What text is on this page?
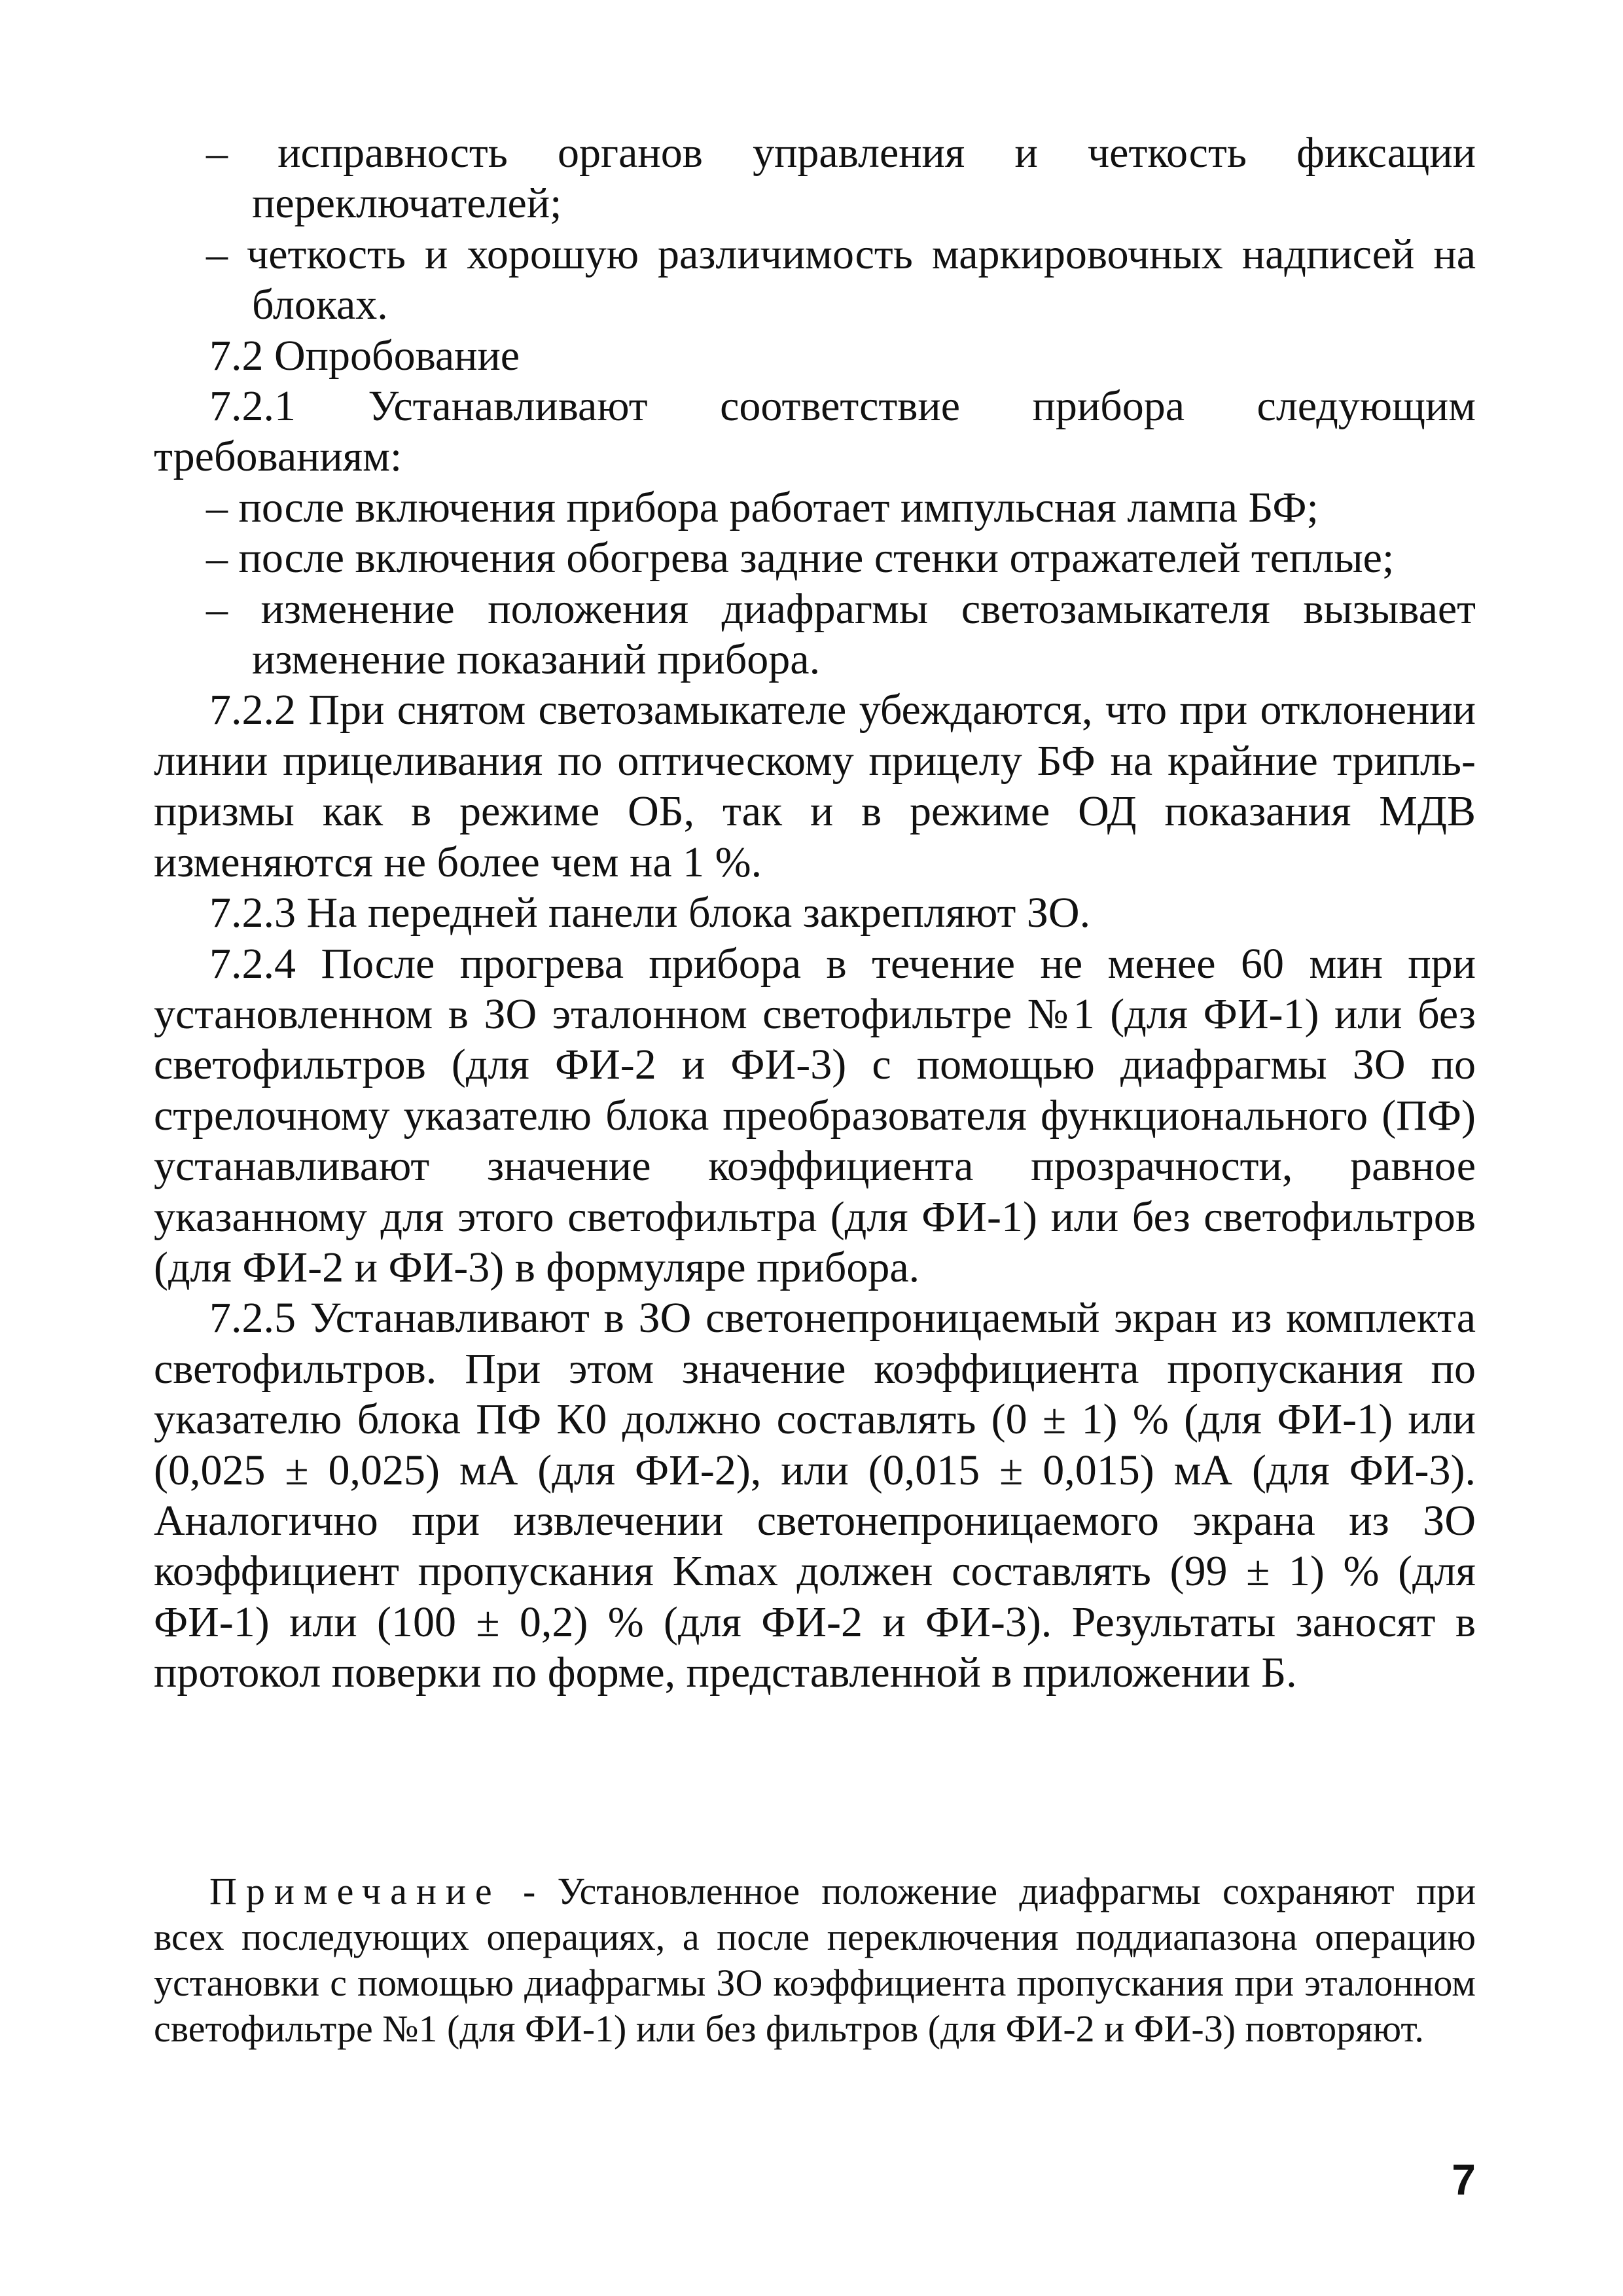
– исправность органов управления и четкость фиксации переключателей;

– четкость и хорошую различимость маркировочных надписей на блоках.

7.2 Опробование

7.2.1 Устанавливают соответствие прибора следующим требованиям:

– после включения прибора работает импульсная лампа БФ;

– после включения обогрева задние стенки отражателей теплые;

– изменение положения диафрагмы светозамыкателя вызывает изменение показаний прибора.

7.2.2 При снятом светозамыкателе убеждаются, что при отклонении линии прицеливания по оптическому прицелу БФ на крайние трипль-призмы как в режиме ОБ, так и в режиме ОД показания МДВ изменяются не более чем на 1 %.

7.2.3 На передней панели блока закрепляют ЗО.

7.2.4 После прогрева прибора в течение не менее 60 мин при установленном в ЗО эталонном светофильтре №1 (для ФИ-1) или без светофильтров (для ФИ-2 и ФИ-3) с помощью диафрагмы ЗО по стрелочному указателю блока преобразователя функционального (ПФ) устанавливают значение коэффициента прозрачности, равное указанному для этого светофильтра (для ФИ-1) или без светофильтров (для ФИ-2 и ФИ-3) в формуляре прибора.

7.2.5 Устанавливают в ЗО светонепроницаемый экран из комплекта светофильтров. При этом значение коэффициента пропускания по указателю блока ПФ К0 должно составлять (0 ± 1) % (для ФИ-1) или (0,025 ± 0,025) мА (для ФИ-2), или (0,015 ± 0,015) мА (для ФИ-3). Аналогично при извлечении светонепроницаемого экрана из ЗО коэффициент пропускания Kmax должен составлять (99 ± 1) % (для ФИ-1) или (100 ± 0,2) % (для ФИ-2 и ФИ-3). Результаты заносят в протокол поверки по форме, представленной в приложении Б.

Примечание - Установленное положение диафрагмы сохраняют при всех последующих операциях, а после переключения поддиапазона операцию установки с помощью диафрагмы ЗО коэффициента пропускания при эталонном светофильтре №1 (для ФИ-1) или без фильтров (для ФИ-2 и ФИ-3) повторяют.

7
